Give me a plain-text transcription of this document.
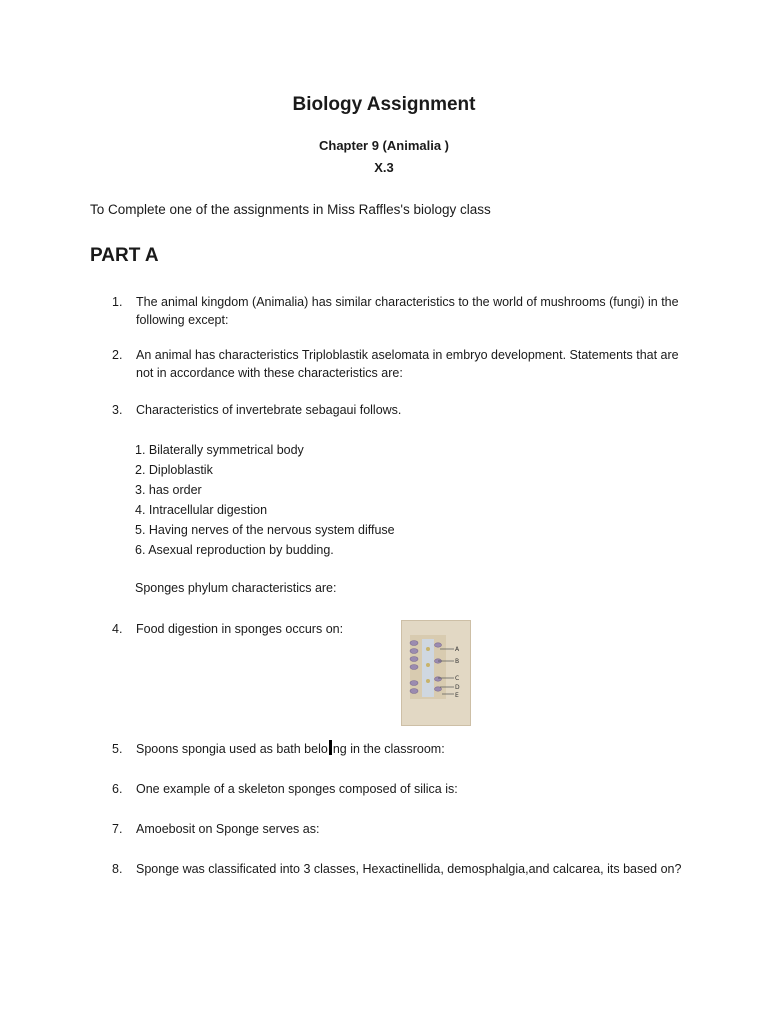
Biology Assignment
Chapter 9 (Animalia )
X.3
To Complete one of the assignments in Miss Raffles's biology class
PART A
1.	The animal kingdom (Animalia) has similar characteristics to the world of mushrooms (fungi) in the following except:
2.	An animal has characteristics Triploblastik aselomata in embryo development. Statements that are not in accordance with these characteristics are:
3.	Characteristics of invertebrate sebagaui follows.
1. Bilaterally symmetrical body
2. Diploblastik
3. has order
4. Intracellular digestion
5. Having nerves of the nervous system diffuse
6. Asexual reproduction by budding.
Sponges phylum characteristics are:
4.	Food digestion in sponges occurs on:
A
B
C
D
E
5.	Spoons spongia used as bath belo ng in the classroom:
6.	One example of a skeleton sponges composed of silica is:
7.	Amoebosit on Sponge serves as:
8.	Sponge was classificated into 3 classes, Hexactinellida, demosphalgia,and calcarea, its based on?
